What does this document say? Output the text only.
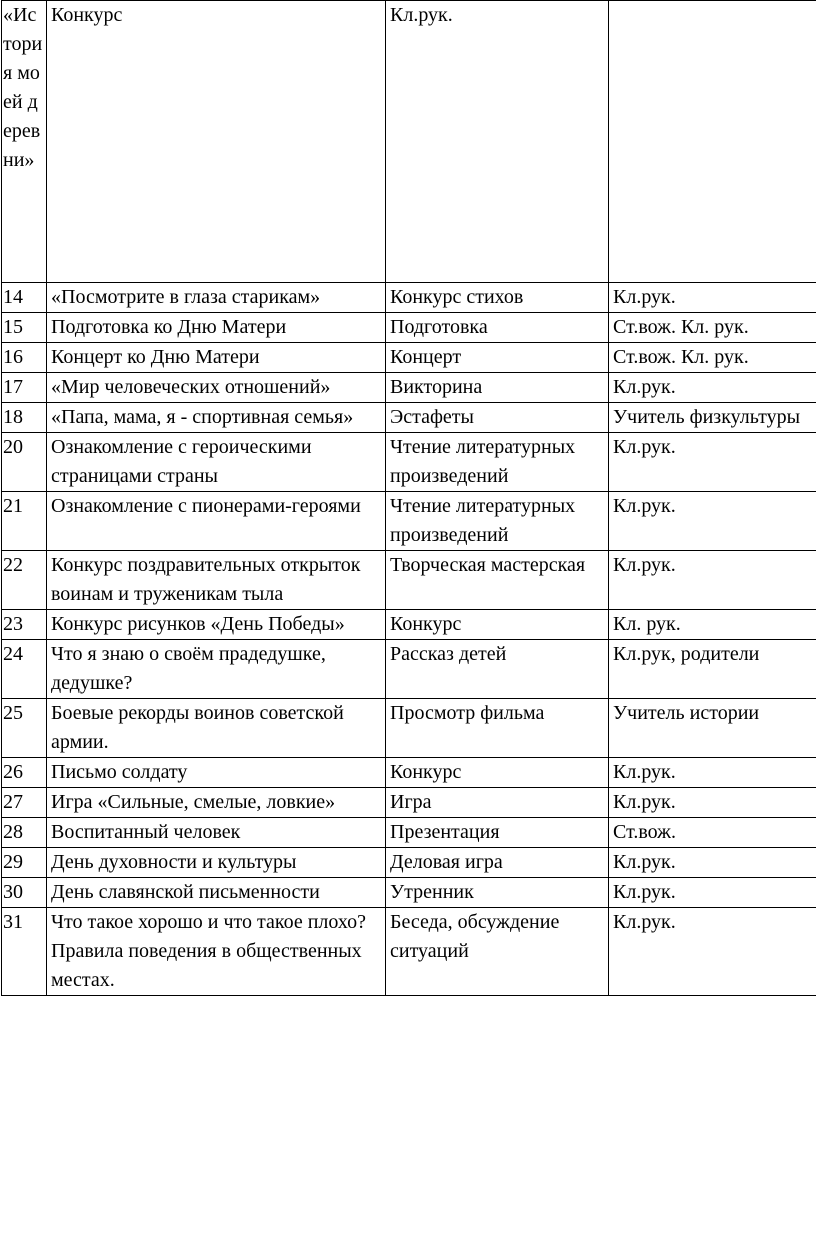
«История моей деревни»	Конкурс	Кл.рук.	
14	«Посмотрите в глаза старикам»	Конкурс стихов	Кл.рук.
15	Подготовка ко Дню Матери	Подготовка	Ст.вож. Кл. рук.
16	Концерт ко Дню Матери	Концерт	Ст.вож. Кл. рук.
17	«Мир человеческих отношений»	Викторина	Кл.рук.
18	«Папа, мама, я - спортивная семья»	Эстафеты	Учитель физкультуры
20	Ознакомление с героическими страницами страны	Чтение литературных произведений	Кл.рук.
21	Ознакомление с пионерами-героями	Чтение литературных произведений	Кл.рук.
22	Конкурс поздравительных открыток воинам и труженикам тыла	Творческая мастерская	Кл.рук.
23	Конкурс рисунков «День Победы»	Конкурс	Кл. рук.
24	Что я знаю о своём прадедушке, дедушке?	Рассказ детей	Кл.рук, родители
25	Боевые рекорды воинов советской армии.	Просмотр фильма	Учитель истории
26	Письмо солдату	Конкурс	Кл.рук.
27	Игра «Сильные, смелые, ловкие»	Игра	Кл.рук.
28	Воспитанный человек	Презентация	Ст.вож.
29	День духовности и культуры	Деловая игра	Кл.рук.
30	День славянской письменности	Утренник	Кл.рук.
31	Что такое хорошо и что такое плохо? Правила поведения в общественных местах.	Беседа, обсуждение ситуаций	Кл.рук.
